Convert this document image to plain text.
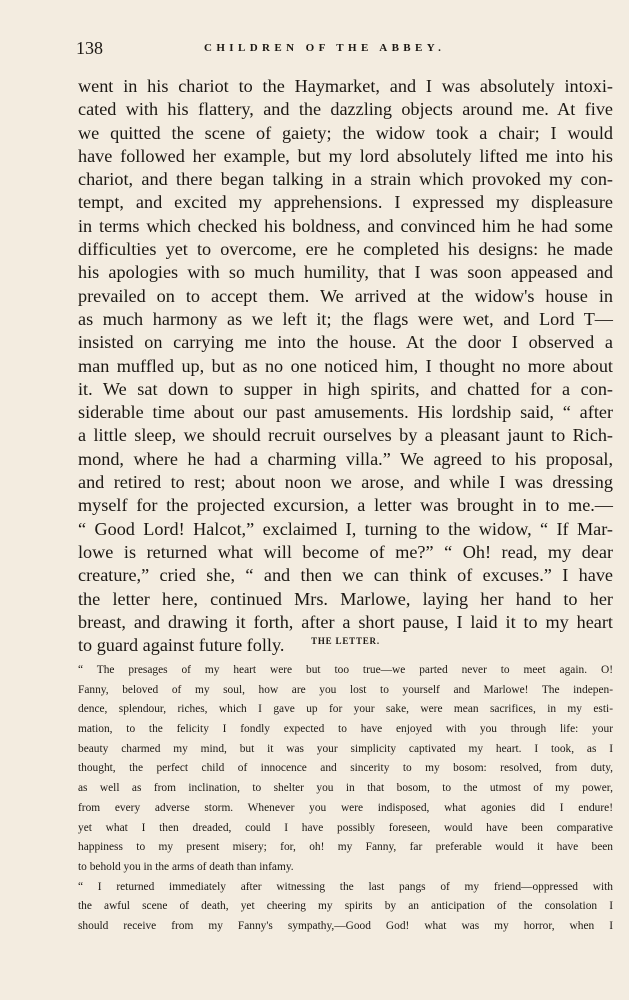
138	CHILDREN OF THE ABBEY.
went in his chariot to the Haymarket, and I was absolutely intoxi-
cated with his flattery, and the dazzling objects around me. At five
we quitted the scene of gaiety; the widow took a chair; I would
have followed her example, but my lord absolutely lifted me into his
chariot, and there began talking in a strain which provoked my con-
tempt, and excited my apprehensions. I expressed my displeasure
in terms which checked his boldness, and convinced him he had some
difficulties yet to overcome, ere he completed his designs: he made
his apologies with so much humility, that I was soon appeased and
prevailed on to accept them. We arrived at the widow's house in
as much harmony as we left it; the flags were wet, and Lord T—
insisted on carrying me into the house. At the door I observed a
man muffled up, but as no one noticed him, I thought no more about
it. We sat down to supper in high spirits, and chatted for a con-
siderable time about our past amusements. His lordship said, “ after
a little sleep, we should recruit ourselves by a pleasant jaunt to Rich-
mond, where he had a charming villa.” We agreed to his proposal,
and retired to rest; about noon we arose, and while I was dressing
myself for the projected excursion, a letter was brought in to me.—
“ Good Lord! Halcot,” exclaimed I, turning to the widow, “ If Mar-
lowe is returned what will become of me?” “ Oh! read, my dear
creature,” cried she, “ and then we can think of excuses.” I have
the letter here, continued Mrs. Marlowe, laying her hand to her
breast, and drawing it forth, after a short pause, I laid it to my heart
to guard against future folly.	THE LETTER.
“ The presages of my heart were but too true—we parted never to meet again. O!
Fanny, beloved of my soul, how are you lost to yourself and Marlowe! The indepen-
dence, splendour, riches, which I gave up for your sake, were mean sacrifices, in my esti-
mation, to the felicity I fondly expected to have enjoyed with you through life: your
beauty charmed my mind, but it was your simplicity captivated my heart. I took, as I
thought, the perfect child of innocence and sincerity to my bosom: resolved, from duty,
as well as from inclination, to shelter you in that bosom, to the utmost of my power,
from every adverse storm. Whenever you were indisposed, what agonies did I endure!
yet what I then dreaded, could I have possibly foreseen, would have been comparative
happiness to my present misery; for, oh! my Fanny, far preferable would it have been
to behold you in the arms of death than infamy.
“ I returned immediately after witnessing the last pangs of my friend—oppressed with
the awful scene of death, yet cheering my spirits by an anticipation of the consolation I
should receive from my Fanny's sympathy,—Good God! what was my horror, when I
